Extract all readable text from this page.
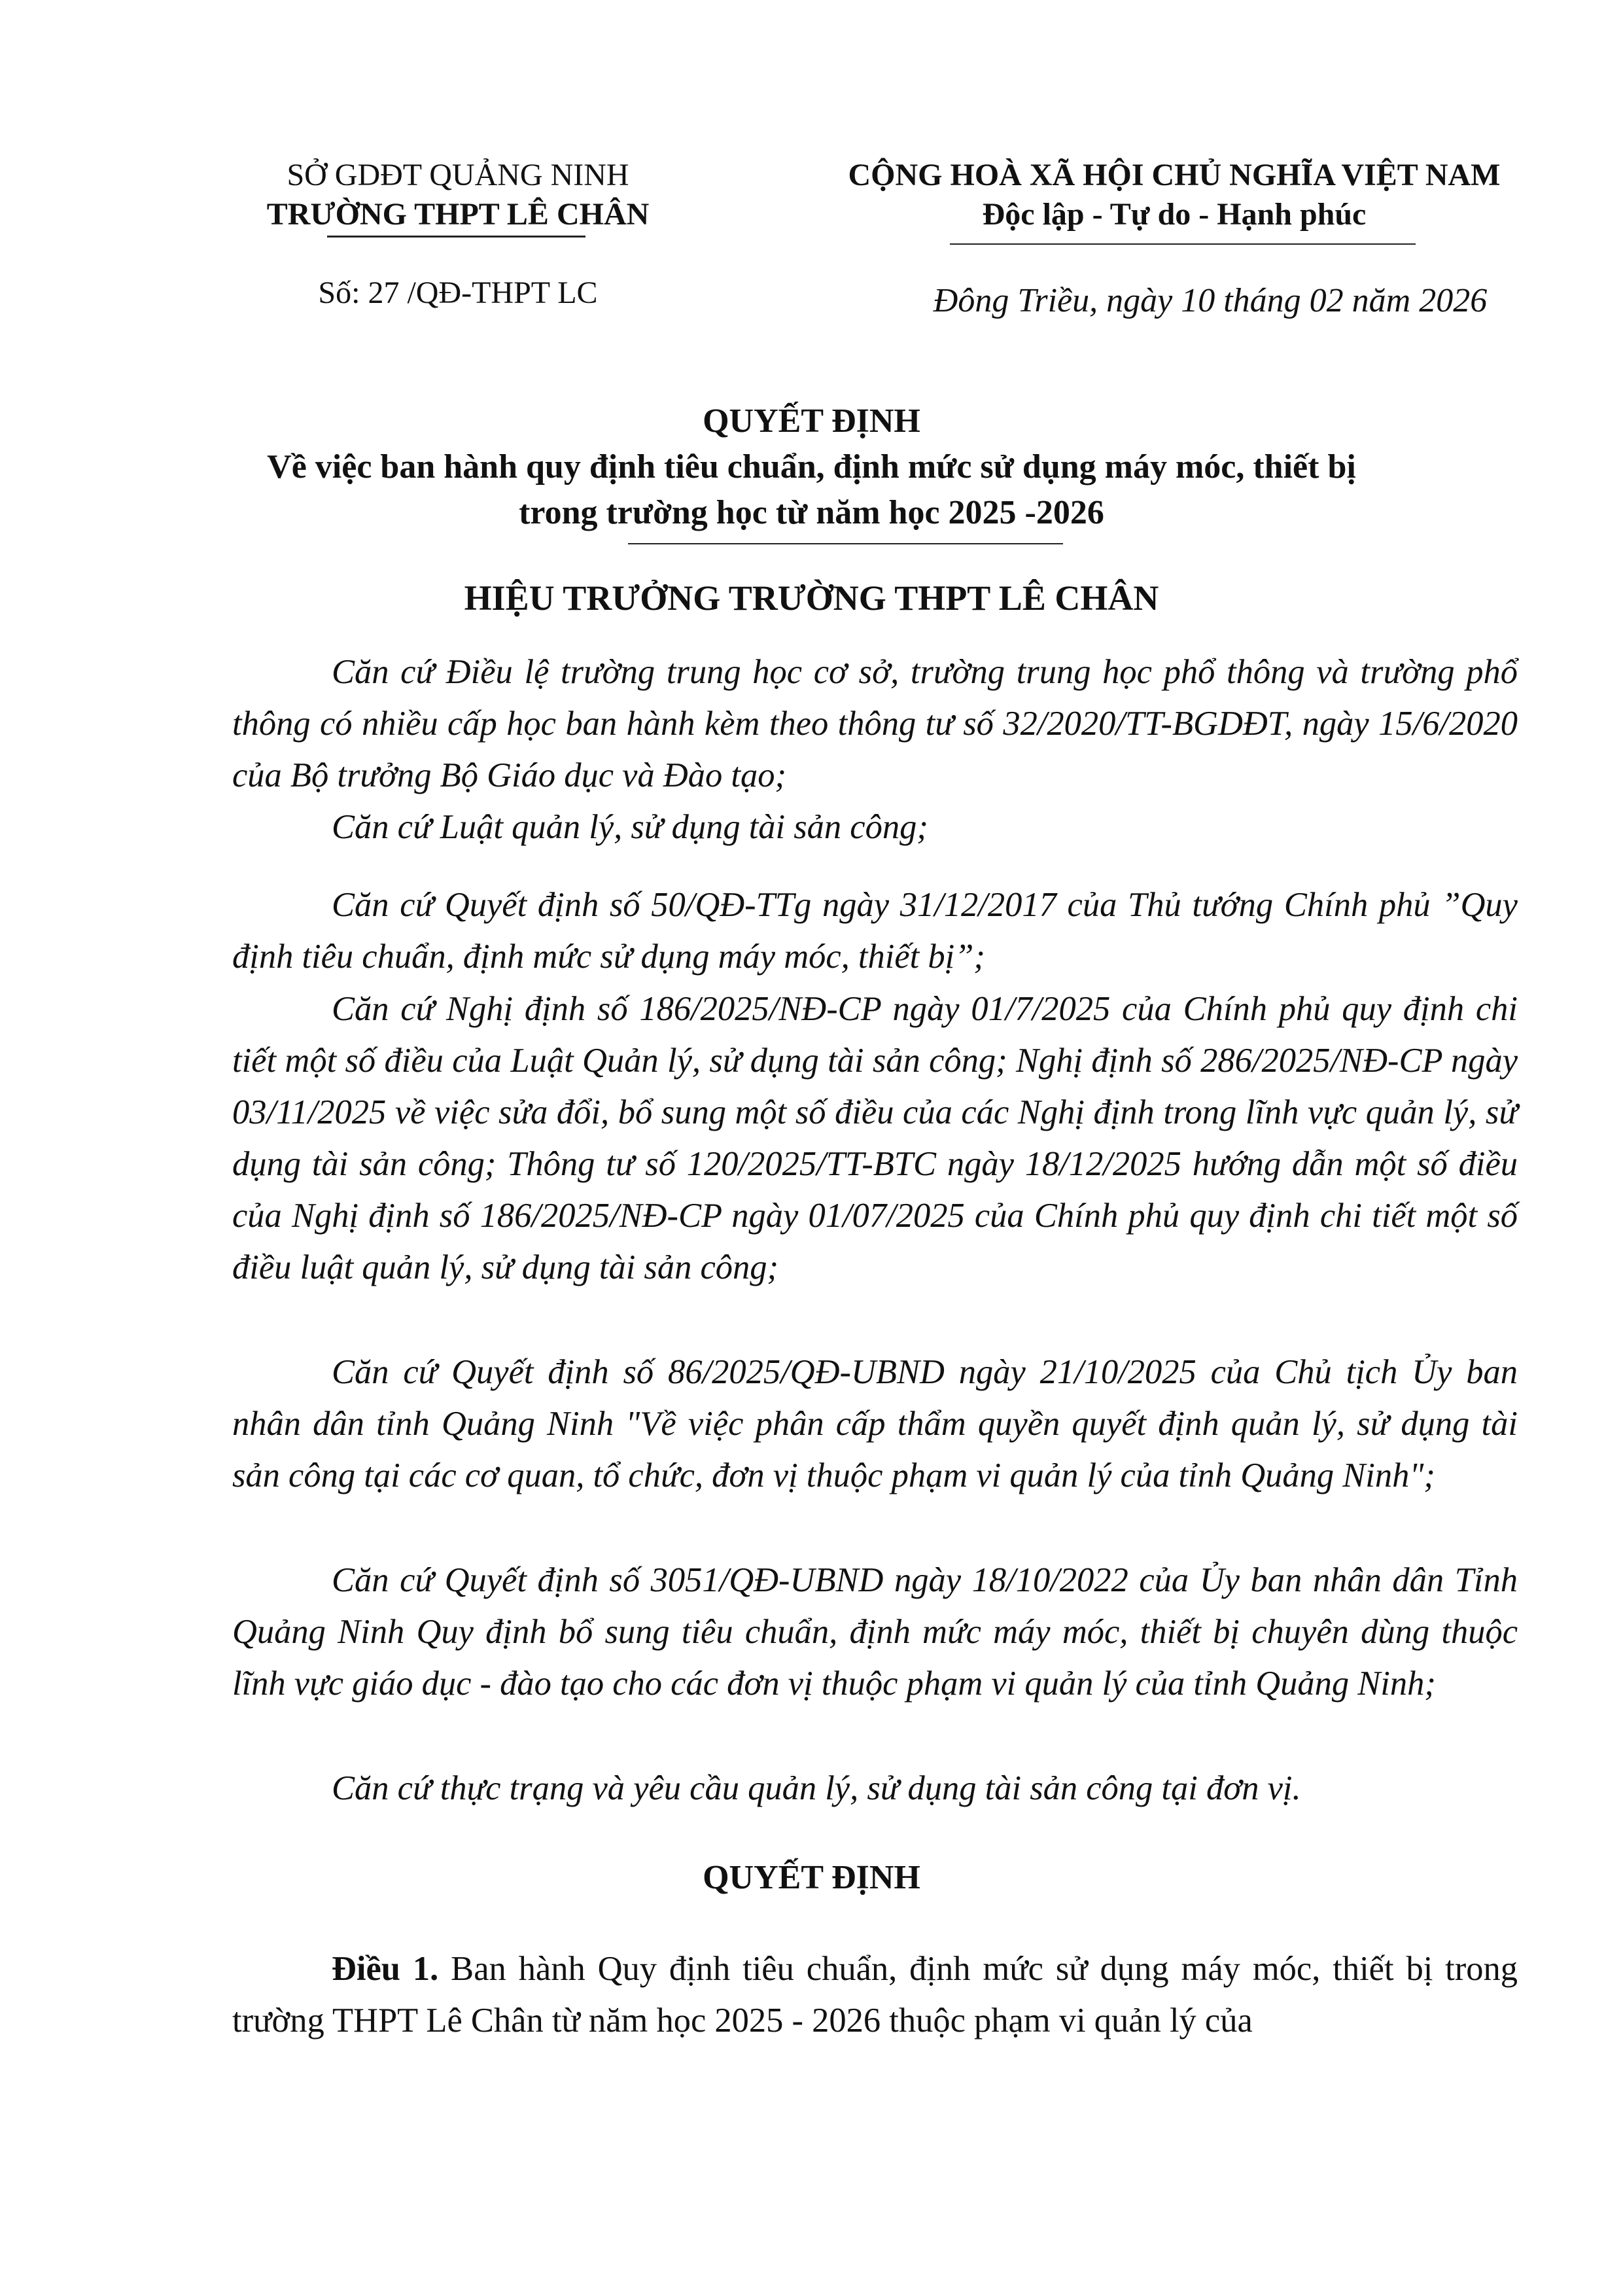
SỞ GDĐT QUẢNG NINH
TRƯỜNG THPT LÊ CHÂN
Số: 27 /QĐ-THPT LC
CỘNG HOÀ XÃ HỘI CHỦ NGHĨA VIỆT NAM
Độc lập - Tự do - Hạnh phúc
Đông Triều, ngày 10 tháng 02 năm 2026
QUYẾT ĐỊNH
Về việc ban hành quy định tiêu chuẩn, định mức sử dụng máy móc, thiết bị
trong trường học từ năm học 2025 -2026
HIỆU TRƯỞNG TRƯỜNG THPT LÊ CHÂN
Căn cứ Điều lệ trường trung học cơ sở, trường trung học phổ thông và trường phổ thông có nhiều cấp học ban hành kèm theo thông tư số 32/2020/TT-BGDĐT, ngày 15/6/2020 của Bộ trưởng Bộ Giáo dục và Đào tạo;
Căn cứ Luật quản lý, sử dụng tài sản công;
Căn cứ Quyết định số 50/QĐ-TTg ngày 31/12/2017 của Thủ tướng Chính phủ ”Quy định tiêu chuẩn, định mức sử dụng máy móc, thiết bị”;
Căn cứ Nghị định số 186/2025/NĐ-CP ngày 01/7/2025 của Chính phủ quy định chi tiết một số điều của Luật Quản lý, sử dụng tài sản công; Nghị định số 286/2025/NĐ-CP ngày 03/11/2025 về việc sửa đổi, bổ sung một số điều của các Nghị định trong lĩnh vực quản lý, sử dụng tài sản công; Thông tư số 120/2025/TT-BTC ngày 18/12/2025 hướng dẫn một số điều của Nghị định số 186/2025/NĐ-CP ngày 01/07/2025 của Chính phủ quy định chi tiết một số điều luật quản lý, sử dụng tài sản công;
Căn cứ Quyết định số 86/2025/QĐ-UBND ngày 21/10/2025 của Chủ tịch Ủy ban nhân dân tỉnh Quảng Ninh "Về việc phân cấp thẩm quyền quyết định quản lý, sử dụng tài sản công tại các cơ quan, tổ chức, đơn vị thuộc phạm vi quản lý của tỉnh Quảng Ninh";
Căn cứ Quyết định số 3051/QĐ-UBND ngày 18/10/2022 của Ủy ban nhân dân Tỉnh Quảng Ninh Quy định bổ sung tiêu chuẩn, định mức máy móc, thiết bị chuyên dùng thuộc lĩnh vực giáo dục - đào tạo cho các đơn vị thuộc phạm vi quản lý của tỉnh Quảng Ninh;
Căn cứ thực trạng và yêu cầu quản lý, sử dụng tài sản công tại đơn vị.
QUYẾT ĐỊNH
Điều 1. Ban hành Quy định tiêu chuẩn, định mức sử dụng máy móc, thiết bị trong trường THPT Lê Chân từ năm học 2025 - 2026 thuộc phạm vi quản lý của
